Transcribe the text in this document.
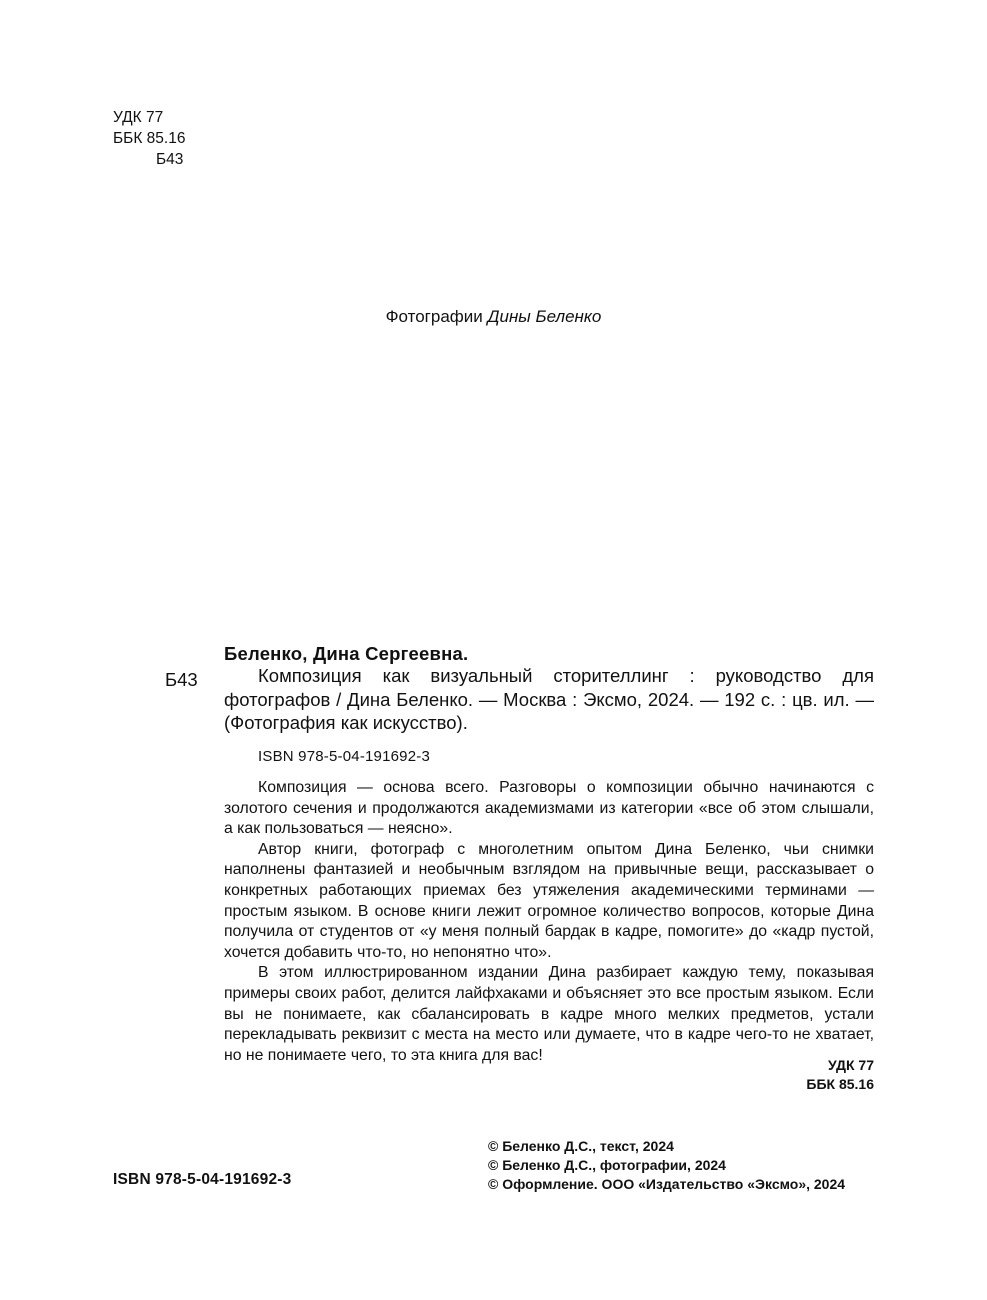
УДК 77
ББК 85.16
Б43
Фотографии Дины Беленко
Беленко, Дина Сергеевна.
Б43	Композиция как визуальный сторителлинг : руководство для фотографов / Дина Беленко. — Москва : Эксмо, 2024. — 192 с. : цв. ил. — (Фотография как искусство).

ISBN 978-5-04-191692-3

Композиция — основа всего. Разговоры о композиции обычно начинаются с золотого сечения и продолжаются академизмами из категории «все об этом слышали, а как пользоваться — неясно».

Автор книги, фотограф с многолетним опытом Дина Беленко, чьи снимки наполнены фантазией и необычным взглядом на привычные вещи, рассказывает о конкретных работающих приемах без утяжеления академическими терминами — простым языком. В основе книги лежит огромное количество вопросов, которые Дина получила от студентов от «у меня полный бардак в кадре, помогите» до «кадр пустой, хочется добавить что-то, но непонятно что».

В этом иллюстрированном издании Дина разбирает каждую тему, показывая примеры своих работ, делится лайфхаками и объясняет это все простым языком. Если вы не понимаете, как сбалансировать в кадре много мелких предметов, устали перекладывать реквизит с места на место или думаете, что в кадре чего-то не хватает, но не понимаете чего, то эта книга для вас!

УДК 77
ББК 85.16
© Беленко Д.С., текст, 2024
© Беленко Д.С., фотографии, 2024
© Оформление. ООО «Издательство «Эксмо», 2024
ISBN 978-5-04-191692-3
